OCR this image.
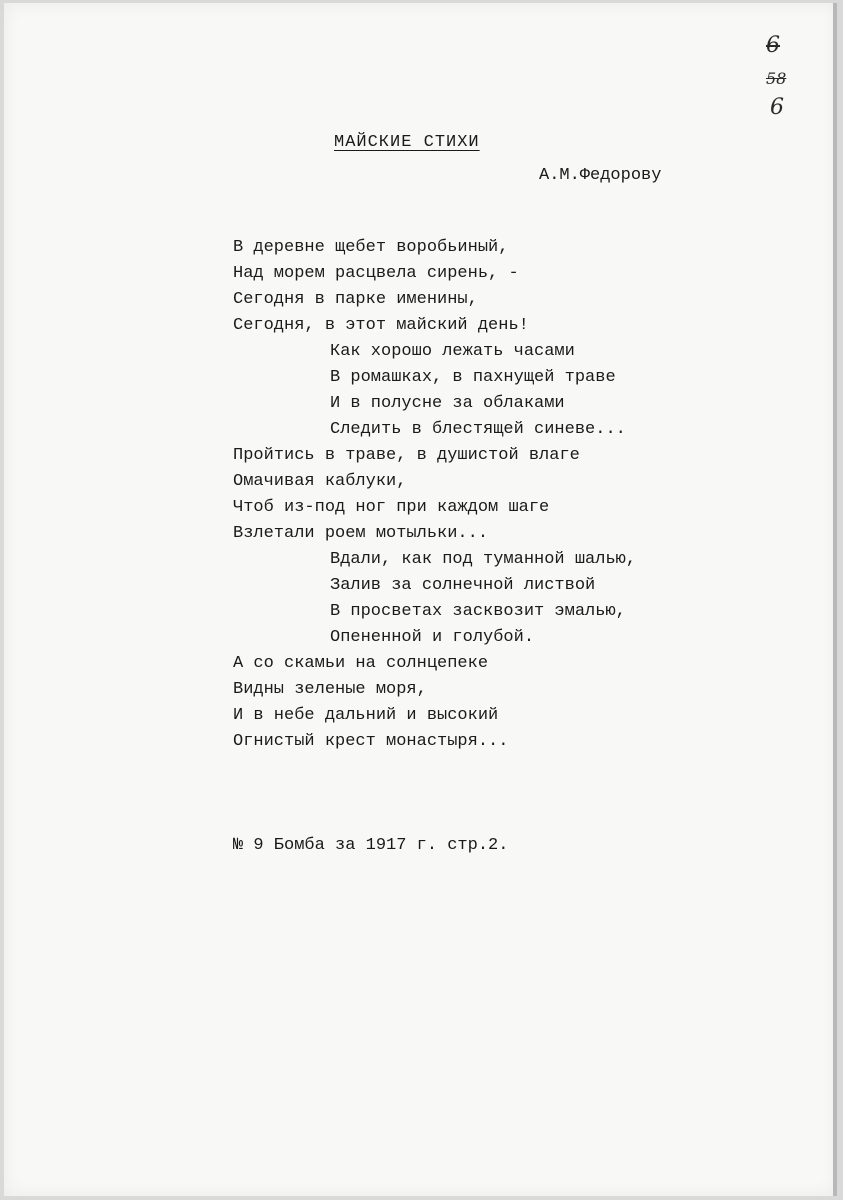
6
58
6
МАЙСКИЕ СТИХИ
А.М.Федорову
В деревне щебет воробьиный,
Над морем расцвела сирень, -
Сегодня в парке именины,
Сегодня, в этот майский день!
Как хорошо лежать часами
В ромашках, в пахнущей траве
И в полусне за облаками
Следить в блестящей синеве...
Пройтись в траве, в душистой влаге
Омачивая каблуки,
Чтоб из-под ног при каждом шаге
Взлетали роем мотыльки...
Вдали, как под туманной шалью,
Залив за солнечной листвой
В просветах засквозит эмалью,
Опененной и голубой.
А со скамьи на солнцепеке
Видны зеленые моря,
И в небе дальний и высокий
Огнистый крест монастыря...
№ 9 Бомба за 1917 г. стр.2.
